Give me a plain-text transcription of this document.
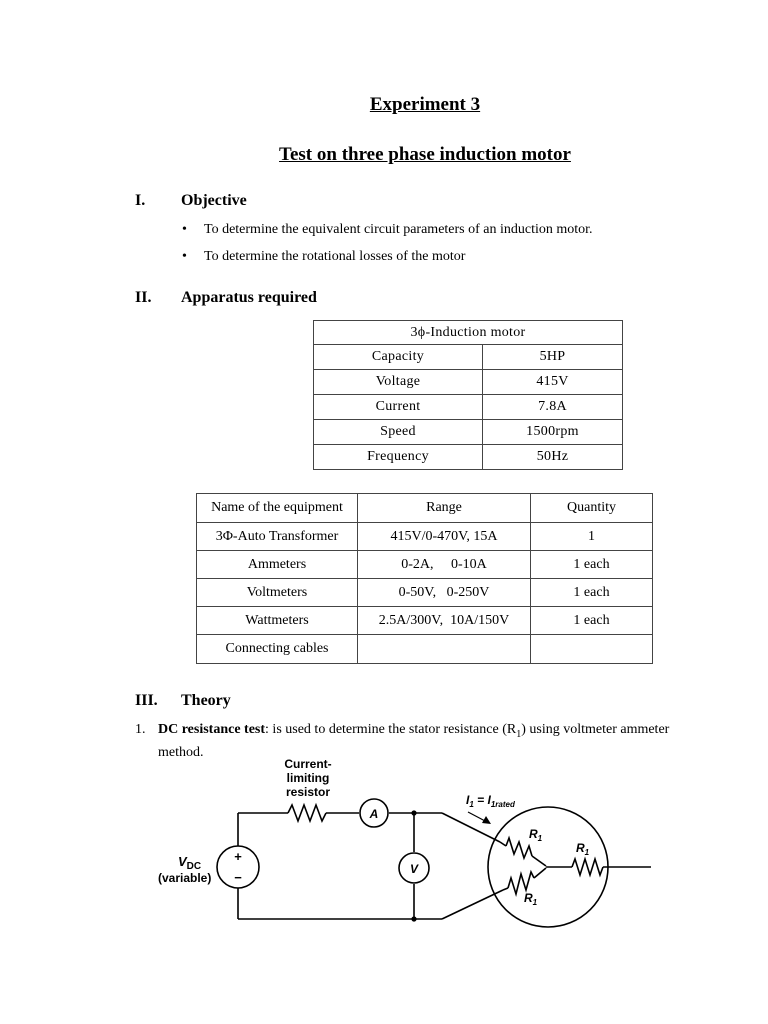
Experiment 3
Test on three phase induction motor
I. Objective
• To determine the equivalent circuit parameters of an induction motor.
• To determine the rotational losses of the motor
II. Apparatus required
3ϕ-Induction motor	
Capacity	5HP
Voltage	415V
Current	7.8A
Speed	1500rpm
Frequency	50Hz
Name of the equipment	Range	Quantity
3Φ-Auto Transformer	415V/0-470V, 15A	1
Ammeters	0-2A,     0-10A	1 each
Voltmeters	0-50V,   0-250V	1 each
Wattmeters	2.5A/300V,  10A/150V	1 each
Connecting cables		
III. Theory
1. DC resistance test: is used to determine the stator resistance $(R_1)$ using voltmeter ammeter
method.
+
−
A
V
Current-
limiting
resistor
$V_{DC}$
(variable)
$I_1 = I_{1rated}$
$R_1$
$R_1$
$R_1$
